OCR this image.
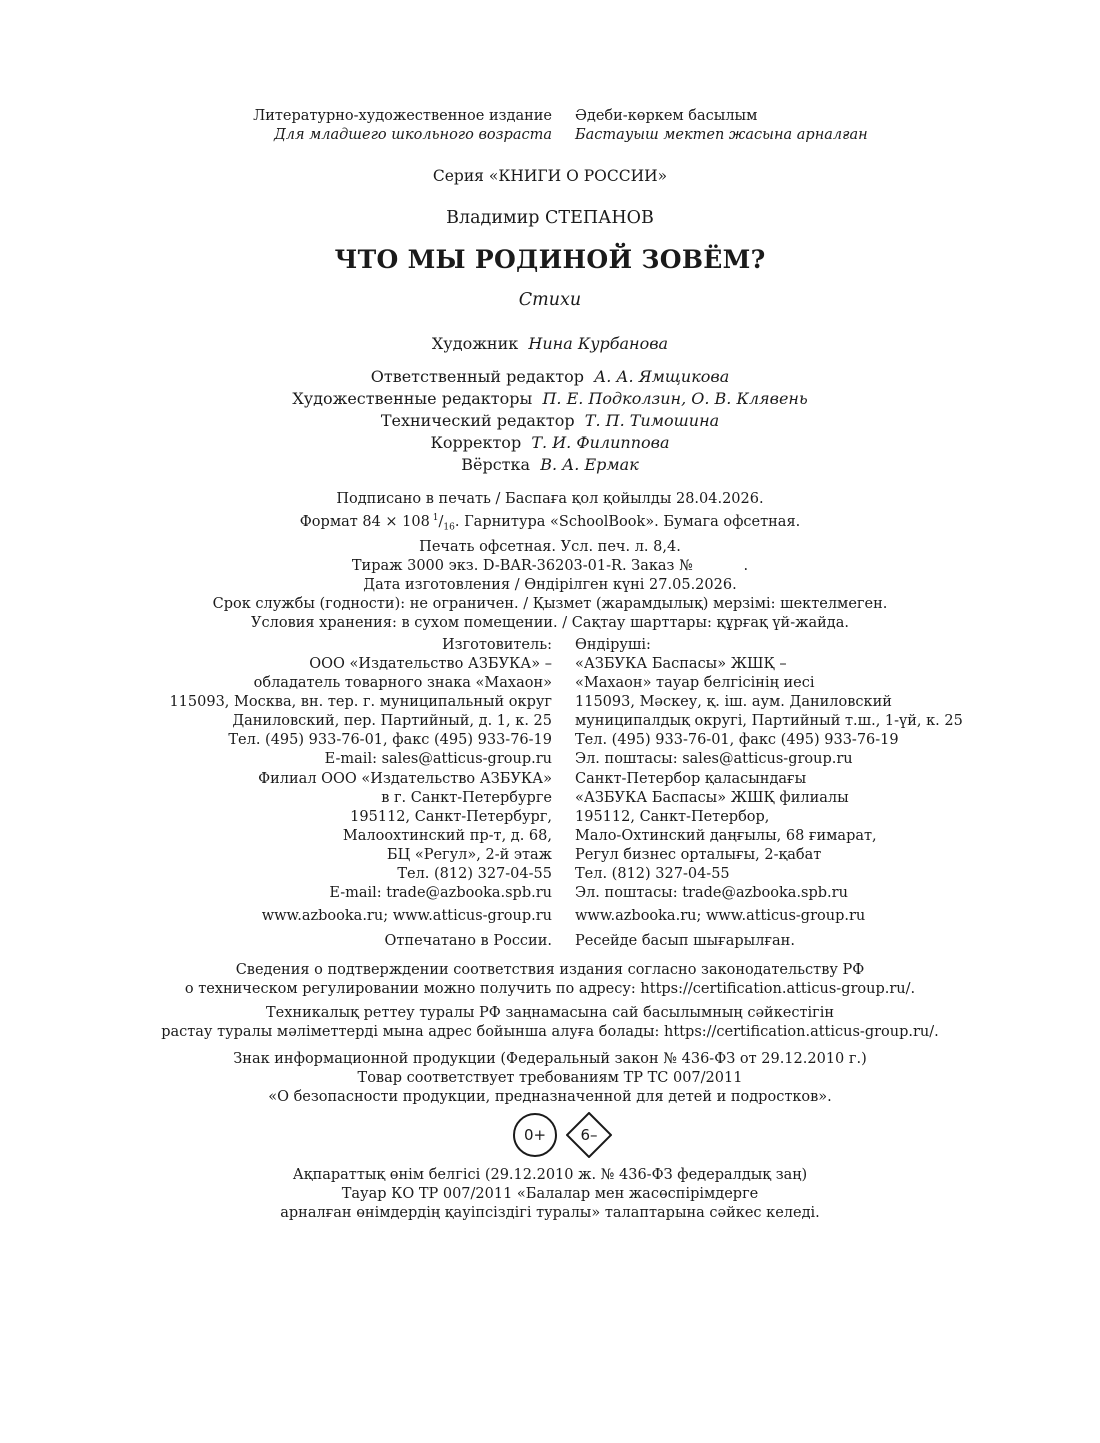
Литературно-художественное издание
Для младшего школьного возраста
Әдеби-көркем басылым
Бастауыш мектеп жасына арналған
Серия «КНИГИ О РОССИИ»
Владимир СТЕПАНОВ
ЧТО МЫ РОДИНОЙ ЗОВЁМ?
Стихи
Художник Нина Курбанова
Ответственный редактор А. А. Ямщикова
Художественные редакторы П. Е. Подколзин, О. В. Клявень
Технический редактор Т. П. Тимошина
Корректор Т. И. Филиппова
Вёрстка В. А. Ермак
Подписано в печать / Баспаға қол қойылды 28.04.2026.
Формат 84 × 108  $^1/_{16}$. Гарнитура «SchoolBook». Бумага офсетная.
Печать офсетная. Усл. печ. л. 8,4.
Тираж 3000 экз. D-BAR-36203-01-R. Заказ №           .
Дата изготовления / Өндірілген күні 27.05.2026.
Срок службы (годности): не ограничен. / Қызмет (жарамдылық) мерзімі: шектелмеген.
Условия хранения: в сухом помещении. / Сақтау шарттары: құрғақ үй-жайда.
Изготовитель:
ООО «Издательство АЗБУКА» –
обладатель товарного знака «Махаон»
115093, Москва, вн. тер. г. муниципальный округ
Даниловский, пер. Партийный, д. 1, к. 25
Тел. (495) 933-76-01, факс (495) 933-76-19
E-mail: sales@atticus-group.ru
Өндіруші:
«АЗБУКА Баспасы» ЖШҚ –
«Махаон» тауар белгісінің иесі
115093, Мәскеу, қ. іш. аум. Даниловский
муниципалдық округі, Партийный т.ш., 1-үй, к. 25
Тел. (495) 933-76-01, факс (495) 933-76-19
Эл. поштасы: sales@atticus-group.ru
Филиал ООО «Издательство АЗБУКА»
в г. Санкт-Петербурге
195112, Санкт-Петербург,
Малоохтинский пр-т, д. 68,
БЦ «Регул», 2-й этаж
Тел. (812) 327-04-55
E-mail: trade@azbooka.spb.ru
Санкт-Петербор қаласындағы
«АЗБУКА Баспасы» ЖШҚ филиалы
195112, Санкт-Петербор,
Мало-Охтинский даңғылы, 68 ғимарат,
Регул бизнес орталығы, 2-қабат
Тел. (812) 327-04-55
Эл. поштасы: trade@azbooka.spb.ru
www.azbooka.ru; www.atticus-group.ru www.azbooka.ru; www.atticus-group.ru
Отпечатано в России. Ресейде басып шығарылған.
Сведения о подтверждении соответствия издания согласно законодательству РФ
о техническом регулировании можно получить по адресу: https://certification.atticus-group.ru/.
Техникалық реттеу туралы РФ заңнамасына сай басылымның сәйкестігін
растау туралы мәліметтерді мына адрес бойынша алуға болады: https://certification.atticus-group.ru/.
Знак информационной продукции (Федеральный закон № 436-ФЗ от 29.12.2010 г.)
Товар соответствует требованиям ТР ТС 007/2011
«О безопасности продукции, предназначенной для детей и подростков».
0+	6–
Ақпараттық өнім белгісі (29.12.2010 ж. № 436-ФЗ федералдық заң)
Тауар КО ТР 007/2011 «Балалар мен жасөспірімдерге
арналған өнімдердің қауіпсіздігі туралы» талаптарына сәйкес келеді.
